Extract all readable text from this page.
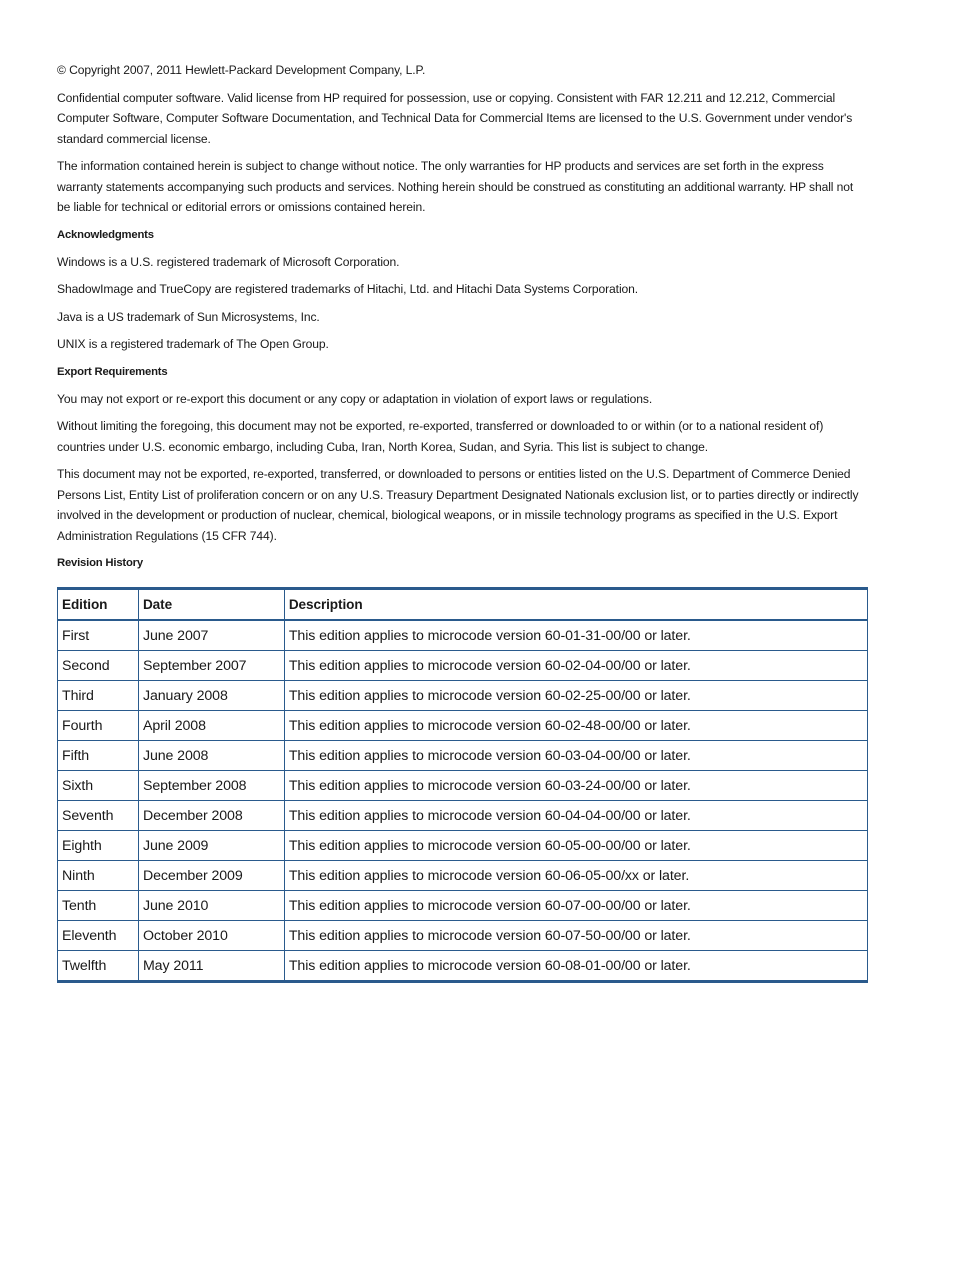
© Copyright 2007, 2011 Hewlett-Packard Development Company, L.P.

Confidential computer software. Valid license from HP required for possession, use or copying. Consistent with FAR 12.211 and 12.212, Commercial Computer Software, Computer Software Documentation, and Technical Data for Commercial Items are licensed to the U.S. Government under vendor's standard commercial license.

The information contained herein is subject to change without notice. The only warranties for HP products and services are set forth in the express warranty statements accompanying such products and services. Nothing herein should be construed as constituting an additional warranty. HP shall not be liable for technical or editorial errors or omissions contained herein.

Acknowledgments

Windows is a U.S. registered trademark of Microsoft Corporation.

ShadowImage and TrueCopy are registered trademarks of Hitachi, Ltd. and Hitachi Data Systems Corporation.

Java is a US trademark of Sun Microsystems, Inc.

UNIX is a registered trademark of The Open Group.

Export Requirements

You may not export or re-export this document or any copy or adaptation in violation of export laws or regulations.

Without limiting the foregoing, this document may not be exported, re-exported, transferred or downloaded to or within (or to a national resident of) countries under U.S. economic embargo, including Cuba, Iran, North Korea, Sudan, and Syria. This list is subject to change.

This document may not be exported, re-exported, transferred, or downloaded to persons or entities listed on the U.S. Department of Commerce Denied Persons List, Entity List of proliferation concern or on any U.S. Treasury Department Designated Nationals exclusion list, or to parties directly or indirectly involved in the development or production of nuclear, chemical, biological weapons, or in missile technology programs as specified in the U.S. Export Administration Regulations (15 CFR 744).

Revision History
Edition	Date	Description
First	June 2007	This edition applies to microcode version 60-01-31-00/00 or later.
Second	September 2007	This edition applies to microcode version 60-02-04-00/00 or later.
Third	January 2008	This edition applies to microcode version 60-02-25-00/00 or later.
Fourth	April 2008	This edition applies to microcode version 60-02-48-00/00 or later.
Fifth	June 2008	This edition applies to microcode version 60-03-04-00/00 or later.
Sixth	September 2008	This edition applies to microcode version 60-03-24-00/00 or later.
Seventh	December 2008	This edition applies to microcode version 60-04-04-00/00 or later.
Eighth	June 2009	This edition applies to microcode version 60-05-00-00/00 or later.
Ninth	December 2009	This edition applies to microcode version 60-06-05-00/xx or later.
Tenth	June 2010	This edition applies to microcode version 60-07-00-00/00 or later.
Eleventh	October 2010	This edition applies to microcode version 60-07-50-00/00 or later.
Twelfth	May 2011	This edition applies to microcode version 60-08-01-00/00 or later.
